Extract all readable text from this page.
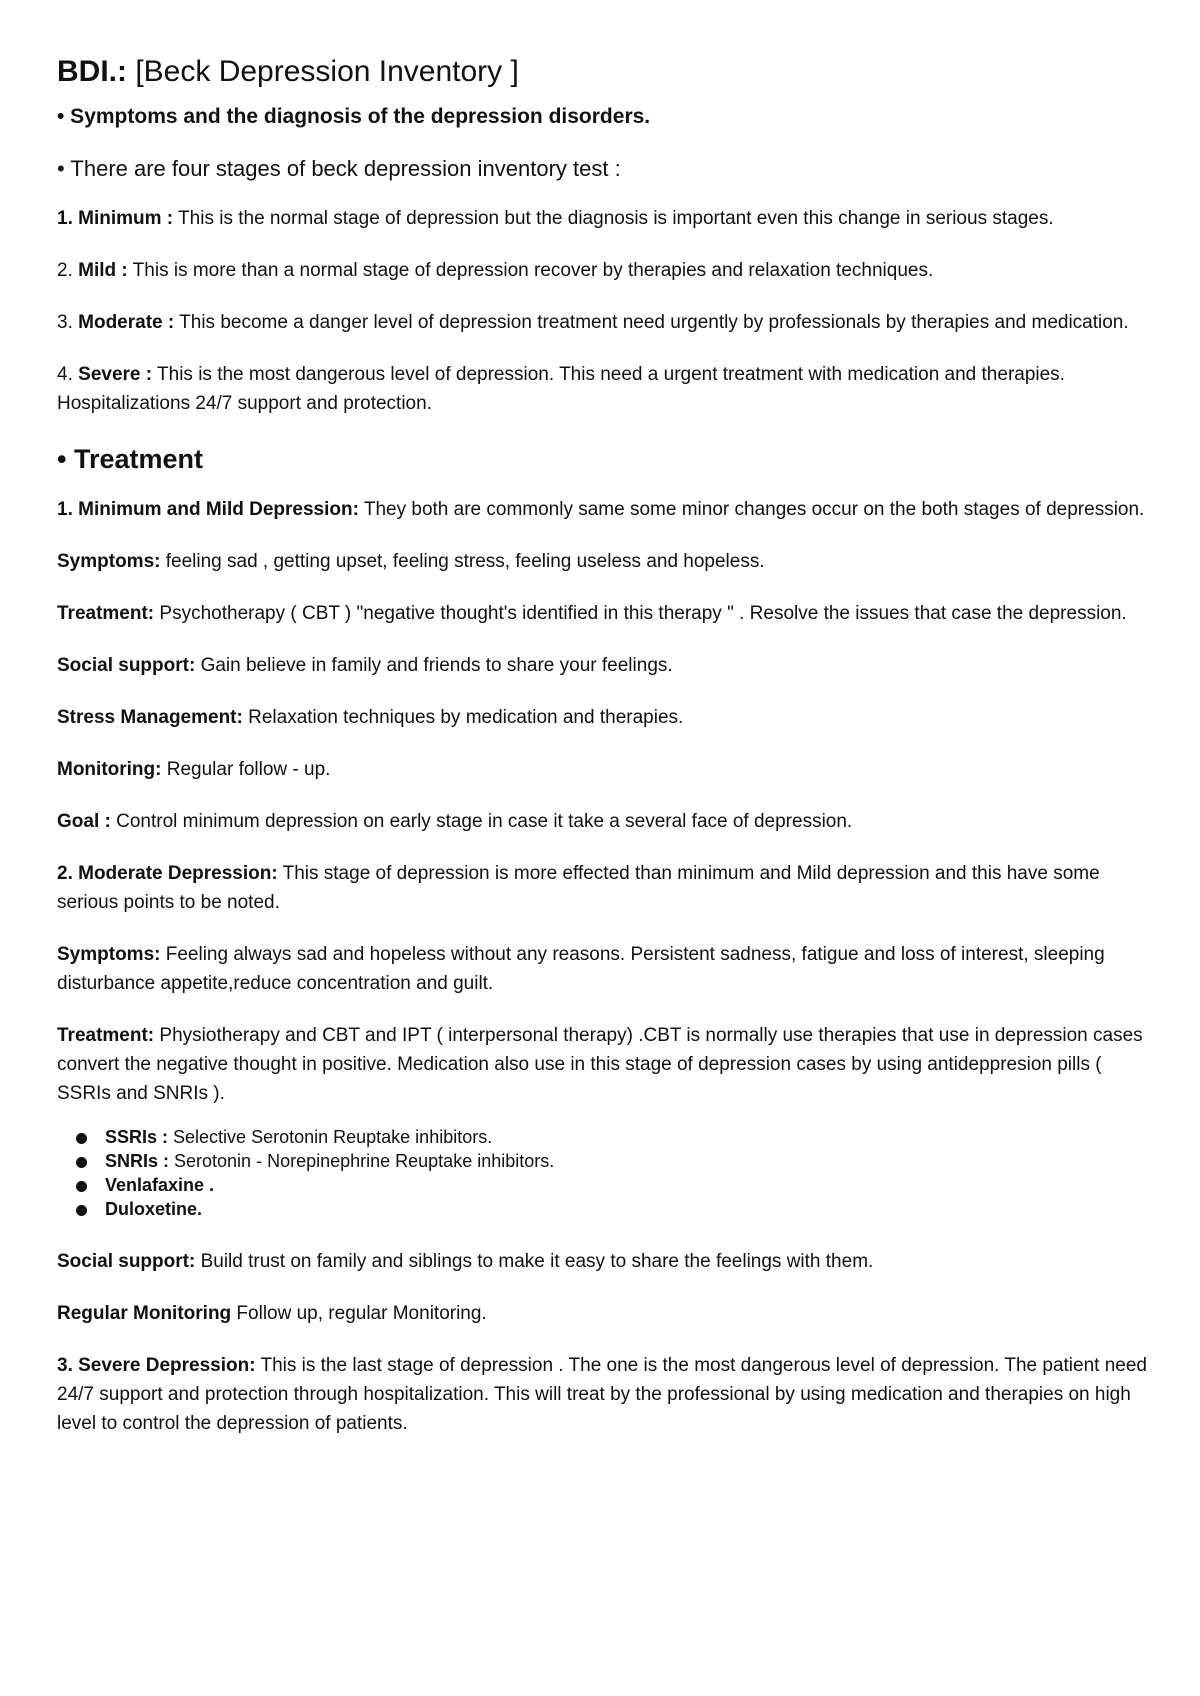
BDI.: [Beck Depression Inventory ]
• Symptoms and the diagnosis of the depression disorders.
• There are four stages of beck depression inventory test :

1. Minimum : This is the normal stage of depression but the diagnosis is important even this change in serious stages.

2. Mild : This is more than a normal stage of depression recover by therapies and relaxation techniques.

3. Moderate : This become a danger level of depression treatment need urgently by professionals by therapies and medication.

4. Severe : This is the most dangerous level of depression. This need a urgent treatment with medication and therapies. Hospitalizations 24/7 support and protection.

• Treatment

1. Minimum and Mild Depression: They both are commonly same some minor changes occur on the both stages of depression.

Symptoms: feeling sad , getting upset, feeling stress, feeling useless and hopeless.

Treatment: Psychotherapy ( CBT ) "negative thought's identified in this therapy " . Resolve the issues that case the depression.

Social support: Gain believe in family and friends to share your feelings.

Stress Management: Relaxation techniques by medication and therapies.

Monitoring: Regular follow - up.

Goal : Control minimum depression on early stage in case it take a several face of depression.

2. Moderate Depression: This stage of depression is more effected than minimum and Mild depression and this have some serious points to be noted.

Symptoms: Feeling always sad and hopeless without any reasons. Persistent sadness, fatigue and loss of interest, sleeping disturbance appetite,reduce concentration and guilt.

Treatment: Physiotherapy and CBT and IPT ( interpersonal therapy) .CBT is normally use therapies that use in depression cases convert the negative thought in positive. Medication also use in this stage of depression cases by using antideppresion pills ( SSRIs and SNRIs ).

SSRIs : Selective Serotonin Reuptake inhibitors.
SNRIs : Serotonin - Norepinephrine Reuptake inhibitors.
Venlafaxine .
Duloxetine.

Social support: Build trust on family and siblings to make it easy to share the feelings with them.

Regular Monitoring Follow up, regular Monitoring.

3. Severe Depression: This is the last stage of depression . The one is the most dangerous level of depression. The patient need 24/7 support and protection through hospitalization. This will treat by the professional by using medication and therapies on high level to control the depression of patients.
